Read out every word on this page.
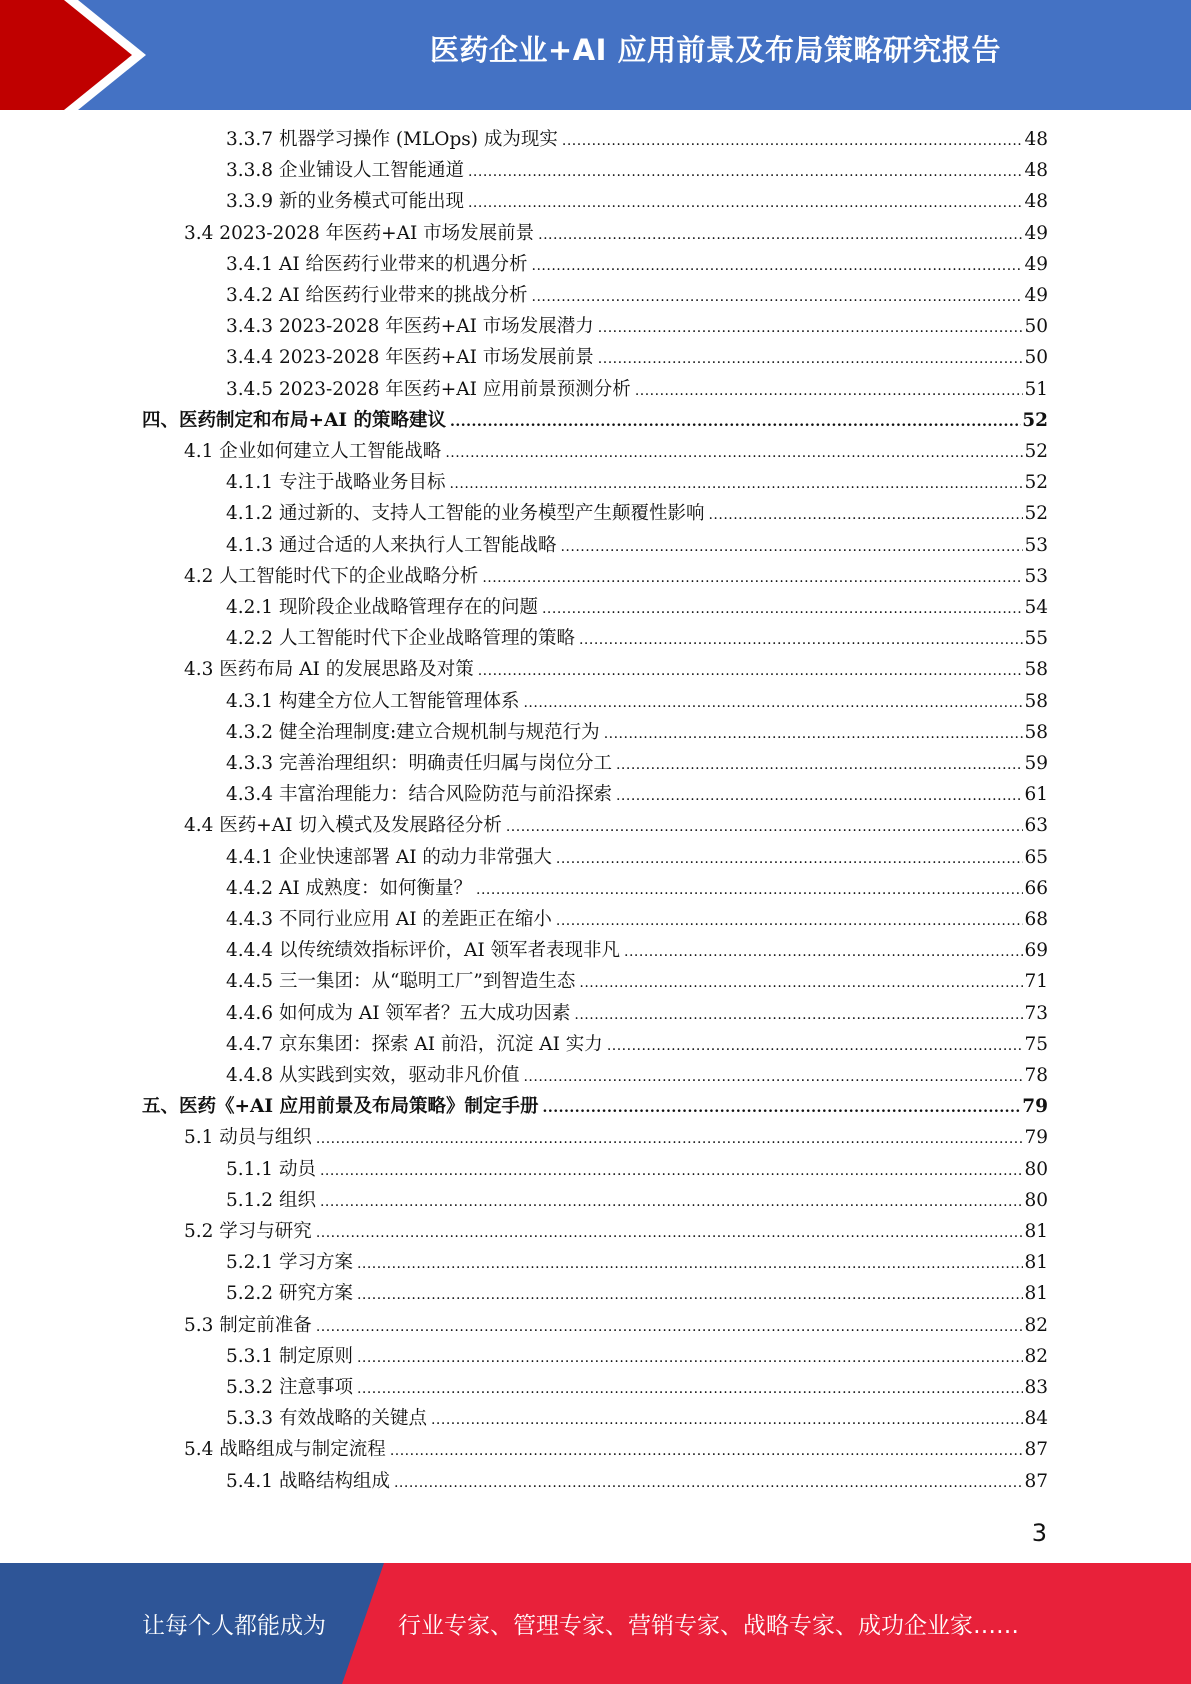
医药企业+AI 应用前景及布局策略研究报告
3.3.7 机器学习操作 (MLOps) 成为现实 .....	48
3.3.8 企业铺设人工智能通道 .....	48
3.3.9 新的业务模式可能出现 .....	48
3.4 2023-2028 年医药+AI 市场发展前景 .....	49
3.4.1 AI 给医药行业带来的机遇分析 .....	49
3.4.2 AI 给医药行业带来的挑战分析 .....	49
3.4.3 2023-2028 年医药+AI 市场发展潜力 .....	50
3.4.4 2023-2028 年医药+AI 市场发展前景 .....	50
3.4.5 2023-2028 年医药+AI 应用前景预测分析 .....	51
四、医药制定和布局+AI 的策略建议 .....	52
4.1 企业如何建立人工智能战略 .....	52
4.1.1 专注于战略业务目标 .....	52
4.1.2 通过新的、支持人工智能的业务模型产生颠覆性影响 .....	52
4.1.3 通过合适的人来执行人工智能战略 .....	53
4.2 人工智能时代下的企业战略分析 .....	53
4.2.1 现阶段企业战略管理存在的问题 .....	54
4.2.2 人工智能时代下企业战略管理的策略 .....	55
4.3 医药布局 AI 的发展思路及对策 .....	58
4.3.1 构建全方位人工智能管理体系 .....	58
4.3.2 健全治理制度:建立合规机制与规范行为 .....	58
4.3.3 完善治理组织：明确责任归属与岗位分工 .....	59
4.3.4 丰富治理能力：结合风险防范与前沿探索 .....	61
4.4 医药+AI 切入模式及发展路径分析 .....	63
4.4.1 企业快速部署 AI 的动力非常强大 .....	65
4.4.2 AI 成熟度：如何衡量？ .....	66
4.4.3 不同行业应用 AI 的差距正在缩小 .....	68
4.4.4 以传统绩效指标评价，AI 领军者表现非凡 .....	69
4.4.5 三一集团：从“聪明工厂”到智造生态 .....	71
4.4.6 如何成为 AI 领军者？五大成功因素 .....	73
4.4.7 京东集团：探索 AI 前沿，沉淀 AI 实力 .....	75
4.4.8 从实践到实效，驱动非凡价值 .....	78
五、医药《+AI 应用前景及布局策略》制定手册 .....	79
5.1 动员与组织 .....	79
5.1.1 动员 .....	80
5.1.2 组织 .....	80
5.2 学习与研究 .....	81
5.2.1 学习方案 .....	81
5.2.2 研究方案 .....	81
5.3 制定前准备 .....	82
5.3.1 制定原则 .....	82
5.3.2 注意事项 .....	83
5.3.3 有效战略的关键点 .....	84
5.4 战略组成与制定流程 .....	87
5.4.1 战略结构组成 .....	87
3
让每个人都能成为	行业专家、管理专家、营销专家、战略专家、成功企业家……
